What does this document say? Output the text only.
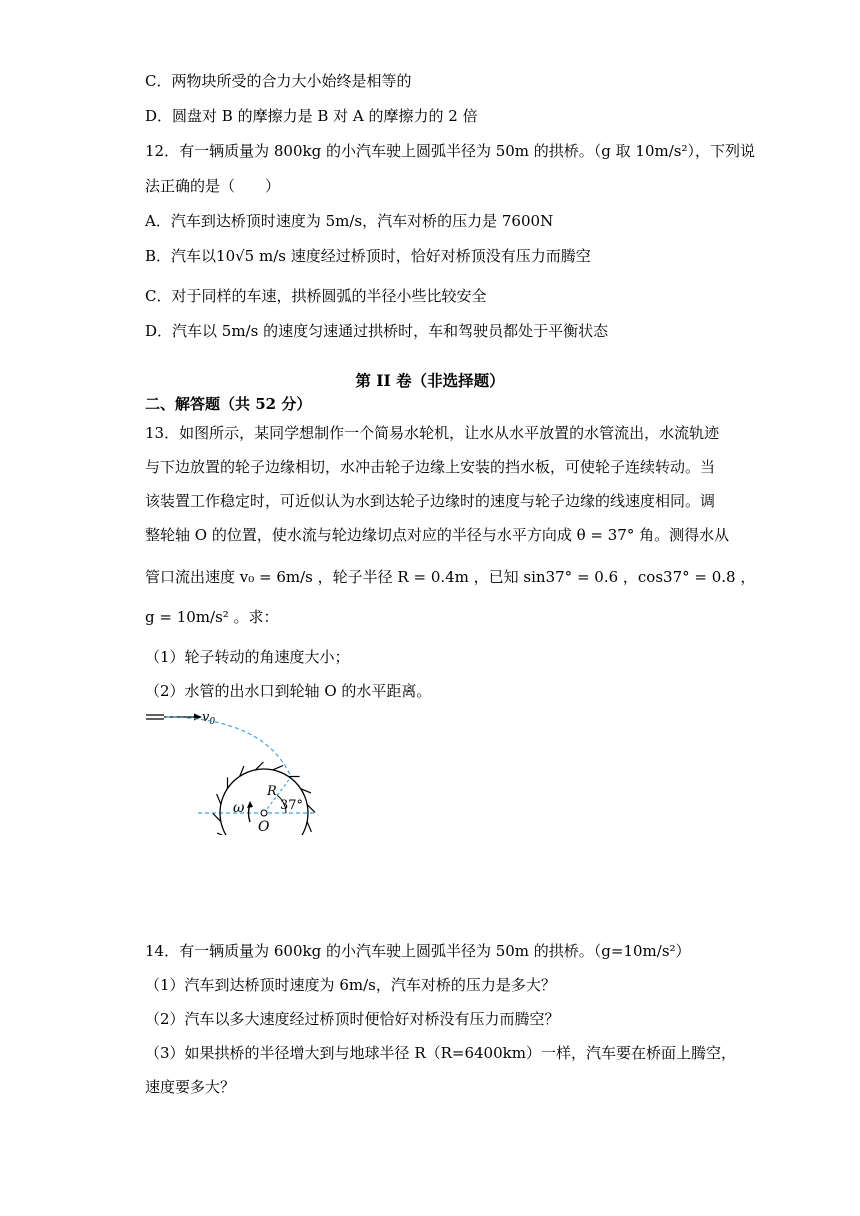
C．两物块所受的合力大小始终是相等的
D．圆盘对 B 的摩擦力是 B 对 A 的摩擦力的 2 倍
12．有一辆质量为 800kg 的小汽车驶上圆弧半径为 50m 的拱桥。（g 取 10m/s²），下列说
法正确的是（　　）
A．汽车到达桥顶时速度为 5m/s，汽车对桥的压力是 7600N
B．汽车以10√5 m/s 速度经过桥顶时，恰好对桥顶没有压力而腾空
C．对于同样的车速，拱桥圆弧的半径小些比较安全
D．汽车以 5m/s 的速度匀速通过拱桥时，车和驾驶员都处于平衡状态
第 II 卷（非选择题）
二、解答题（共 52 分）
13．如图所示，某同学想制作一个简易水轮机，让水从水平放置的水管流出，水流轨迹
与下边放置的轮子边缘相切，水冲击轮子边缘上安装的挡水板，可使轮子连续转动。当
该装置工作稳定时，可近似认为水到达轮子边缘时的速度与轮子边缘的线速度相同。调
整轮轴 O 的位置，使水流与轮边缘切点对应的半径与水平方向成 θ = 37° 角。测得水从
管口流出速度 v₀ = 6m/s ，轮子半径 R = 0.4m ，已知 sin37° = 0.6 ，cos37° = 0.8 ，
g = 10m/s² 。求：
（1）轮子转动的角速度大小；
（2）水管的出水口到轮轴 O 的水平距离。
$v_0$
37°
R
ω
O
14．有一辆质量为 600kg 的小汽车驶上圆弧半径为 50m 的拱桥。（g=10m/s²）
（1）汽车到达桥顶时速度为 6m/s，汽车对桥的压力是多大？
（2）汽车以多大速度经过桥顶时便恰好对桥没有压力而腾空？
（3）如果拱桥的半径增大到与地球半径 R（R=6400km）一样，汽车要在桥面上腾空，
速度要多大？
